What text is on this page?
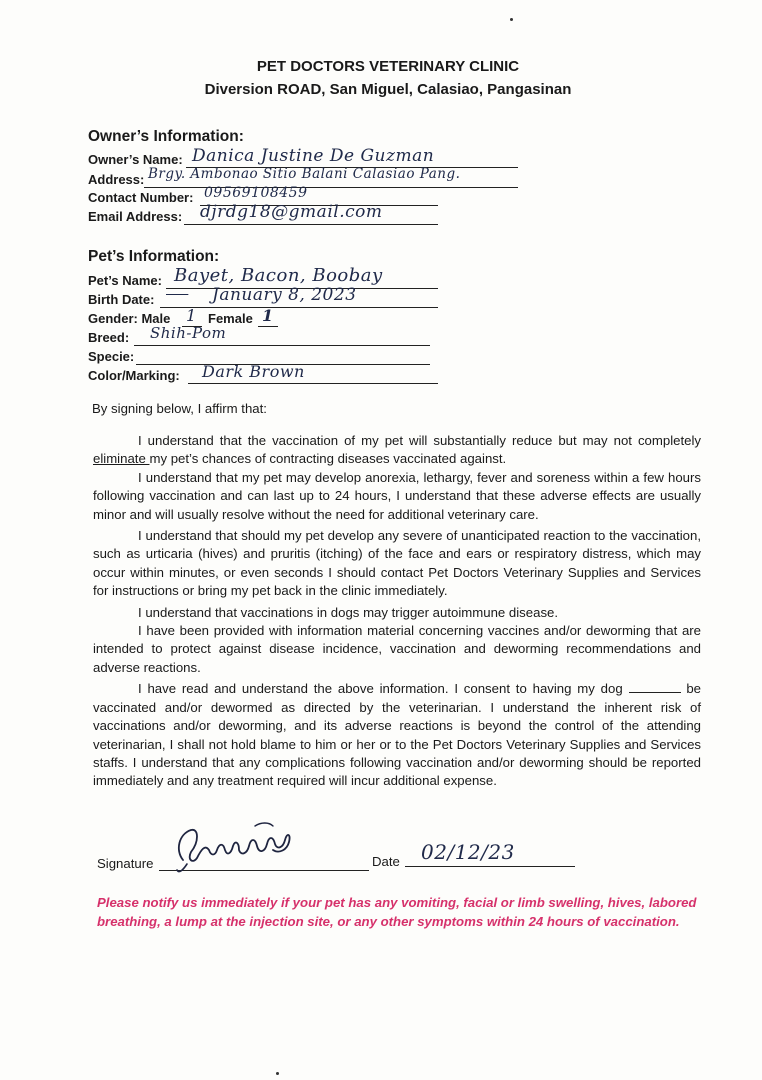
PET DOCTORS VETERINARY CLINIC
Diversion ROAD, San Miguel, Calasiao, Pangasinan
Owner’s Information:
Owner’s Name: Danica Justine De Guzman
Address: Brgy. Ambonao Sitio Balani Calasiao Pang.
Contact Number: 09569108459
Email Address: djrdg18@gmail.com
Pet’s Information:
Pet’s Name: Bayet, Bacon, Boobay
Birth Date:
	January 8, 2023
Gender: Male 1 Female 1
Breed: Shih-Pom
Specie:
Color/Marking: Dark Brown
By signing below, I affirm that:

I understand that the vaccination of my pet will substantially reduce but may not completely eliminate my pet’s chances of contracting diseases vaccinated against.

I understand that my pet may develop anorexia, lethargy, fever and soreness within a few hours following vaccination and can last up to 24 hours, I understand that these adverse effects are usually minor and will usually resolve without the need for additional veterinary care.

I understand that should my pet develop any severe of unanticipated reaction to the vaccination, such as urticaria (hives) and pruritis (itching) of the face and ears or respiratory distress, which may occur within minutes, or even seconds I should contact Pet Doctors Veterinary Supplies and Services for instructions or bring my pet back in the clinic immediately.

I understand that vaccinations in dogs may trigger autoimmune disease.

I have been provided with information material concerning vaccines and/or deworming that are intended to protect against disease incidence, vaccination and deworming recommendations and adverse reactions.

I have read and understand the above information. I consent to having my dog	be vaccinated and/or dewormed as directed by the veterinarian. I understand the inherent risk of vaccinations and/or deworming, and its adverse reactions is beyond the control of the attending veterinarian, I shall not hold blame to him or her or to the Pet Doctors Veterinary Supplies and Services staffs. I understand that any complications following vaccination and/or deworming should be reported immediately and any treatment required will incur additional expense.

Signature	Date 02/12/23
Please notify us immediately if your pet has any vomiting, facial or limb swelling, hives, labored breathing, a lump at the injection site, or any other symptoms within 24 hours of vaccination.
